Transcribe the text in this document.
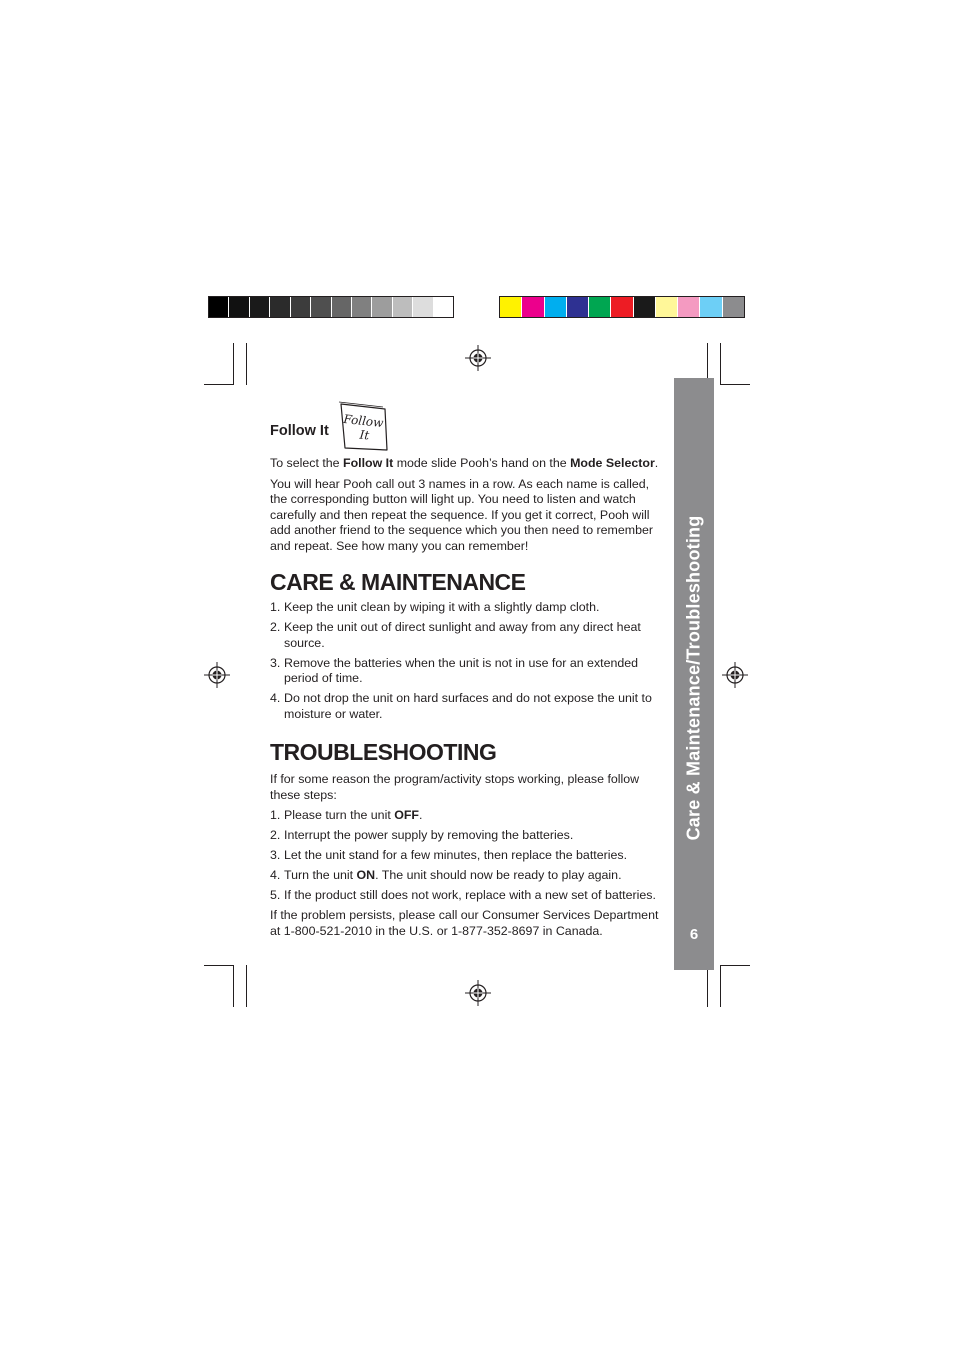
Care & Maintenance/Troubleshooting
6
Follow It
Follow
It

To select the Follow It mode slide Pooh’s hand on the Mode Selector.

You will hear Pooh call out 3 names in a row. As each name is called, the corresponding button will light up. You need to listen and watch carefully and then repeat the sequence. If you get it correct, Pooh will add another friend to the sequence which you then need to remember and repeat. See how many you can remember!

CARE & MAINTENANCE
1. Keep the unit clean by wiping it with a slightly damp cloth.
2. Keep the unit out of direct sunlight and away from any direct heat source.
3. Remove the batteries when the unit is not in use for an extended period of time.
4. Do not drop the unit on hard surfaces and do not expose the unit to moisture or water.
TROUBLESHOOTING

If for some reason the program/activity stops working, please follow these steps:

1. Please turn the unit OFF.
2. Interrupt the power supply by removing the batteries.
3. Let the unit stand for a few minutes, then replace the batteries.
4. Turn the unit ON. The unit should now be ready to play again.
5. If the product still does not work, replace with a new set of batteries.

If the problem persists, please call our Consumer Services Department at 1-800-521-2010 in the U.S. or 1-877-352-8697 in Canada.
